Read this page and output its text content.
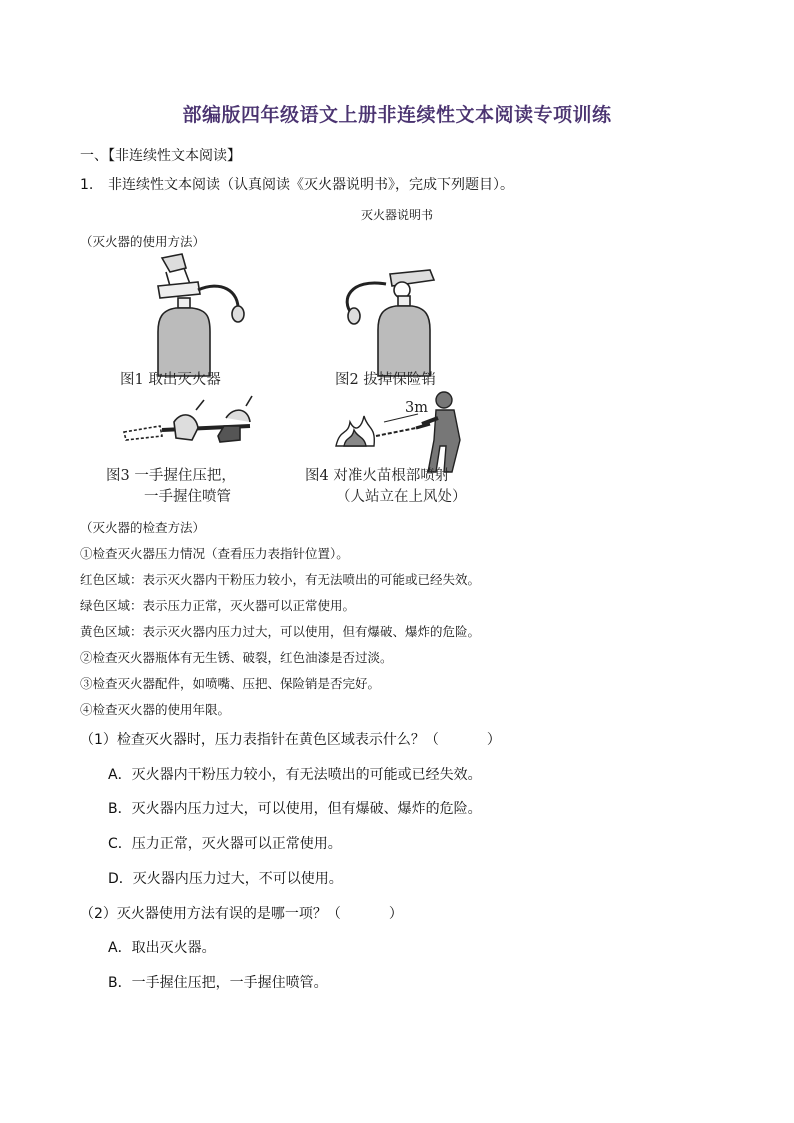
部编版四年级语文上册非连续性文本阅读专项训练
一、【非连续性文本阅读】
1. 非连续性文本阅读（认真阅读《灭火器说明书》，完成下列题目）。
灭火器说明书
（灭火器的使用方法）
图1 取出灭火器	图2 拔掉保险销
图3 一手握住压把，
一手握住喷管
3m
图4 对准火苗根部喷射
（人站立在上风处）
（灭火器的检查方法）
①检查灭火器压力情况（查看压力表指针位置）。
红色区域：表示灭火器内干粉压力较小，有无法喷出的可能或已经失效。
绿色区域：表示压力正常，灭火器可以正常使用。
黄色区域：表示灭火器内压力过大，可以使用，但有爆破、爆炸的危险。
②检查灭火器瓶体有无生锈、破裂，红色油漆是否过淡。
③检查灭火器配件，如喷嘴、压把、保险销是否完好。
④检查灭火器的使用年限。
（1）检查灭火器时，压力表指针在黄色区域表示什么？（	）
A．灭火器内干粉压力较小，有无法喷出的可能或已经失效。
B．灭火器内压力过大，可以使用，但有爆破、爆炸的危险。
C．压力正常，灭火器可以正常使用。
D．灭火器内压力过大，不可以使用。
（2）灭火器使用方法有误的是哪一项？（	）
A．取出灭火器。
B．一手握住压把，一手握住喷管。
